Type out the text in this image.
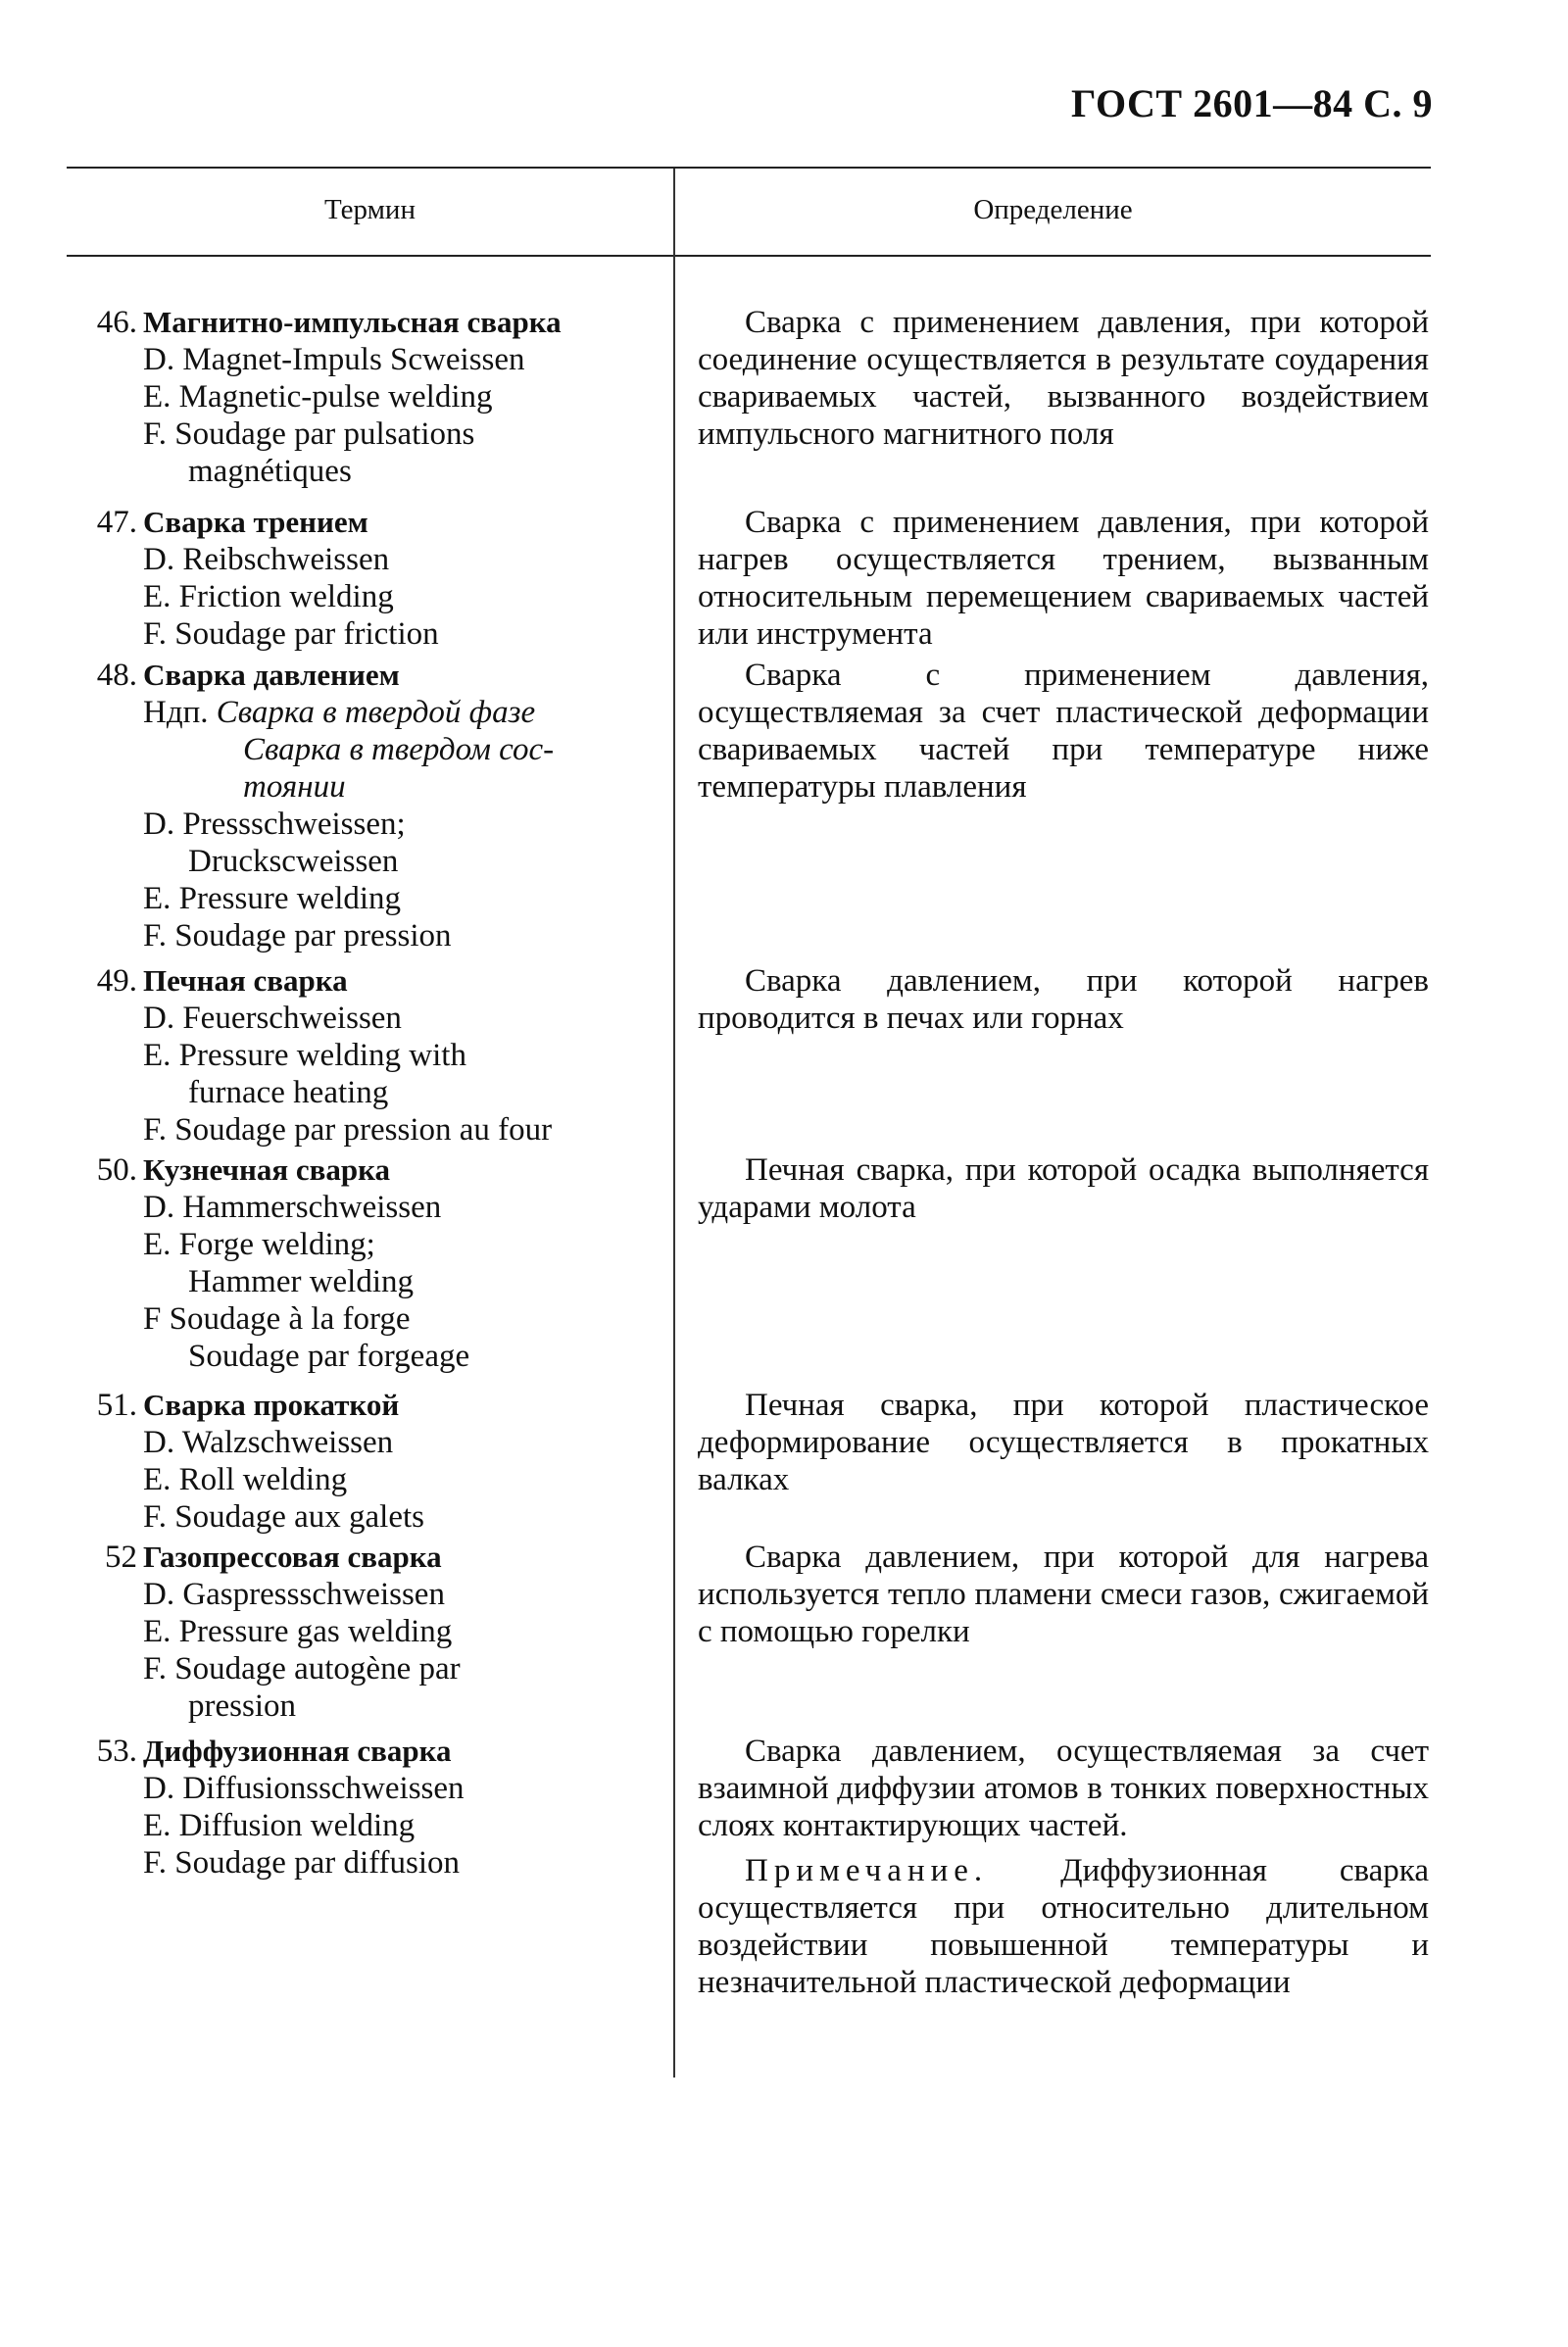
ГОСТ 2601—84 С. 9
Термин	Определение
46. Магнитно-импульсная сварка
D. Magnet-Impuls Scweissen
E. Magnetic-pulse welding
F. Soudage par pulsations
magnétiques

Сварка с применением давления, при которой соединение осуществляется в результате соударения свариваемых частей, вызванного воздействием импульсного магнитного поля

47. Сварка трением
D. Reibschweissen
E. Friction welding
F. Soudage par friction

Сварка с применением давления, при которой нагрев осуществляется трением, вызванным относительным перемещением свариваемых частей или инструмента

48. Сварка давлением
Ндп. Сварка в твердой фазе
Сварка в твердом сос-
тоянии
D. Pressschweissen;
Druckscweissen
E. Pressure welding
F. Soudage par pression

Сварка с применением давления, осуществляемая за счет пластической деформации свариваемых частей при температуре ниже температуры плавления

49. Печная сварка
D. Feuerschweissen
E. Pressure welding with
furnace heating
F. Soudage par pression au four

Сварка давлением, при которой нагрев проводится в печах или горнах

50. Кузнечная сварка
D. Hammerschweissen
E. Forge welding;
Hammer welding
F Soudage à la forge
Soudage par forgeage

Печная сварка, при которой осадка выполняется ударами молота

51. Сварка прокаткой
D. Walzschweissen
E. Roll welding
F. Soudage aux galets

Печная сварка, при которой пластическое деформирование осуществляется в прокатных валках

52 Газопрессовая сварка
D. Gaspressschweissen
E. Pressure gas welding
F. Soudage autogène par
pression

Сварка давлением, при которой для нагрева используется тепло пламени смеси газов, сжигаемой с помощью горелки

53. Диффузионная сварка
D. Diffusionsschweissen
E. Diffusion welding
F. Soudage par diffusion

Сварка давлением, осуществляемая за счет взаимной диффузии атомов в тонких поверхностных слоях контактирующих частей.

Примечание. Диффузионная сварка осуществляется при относительно длительном воздействии повышенной температуры и незначительной пластической деформации
